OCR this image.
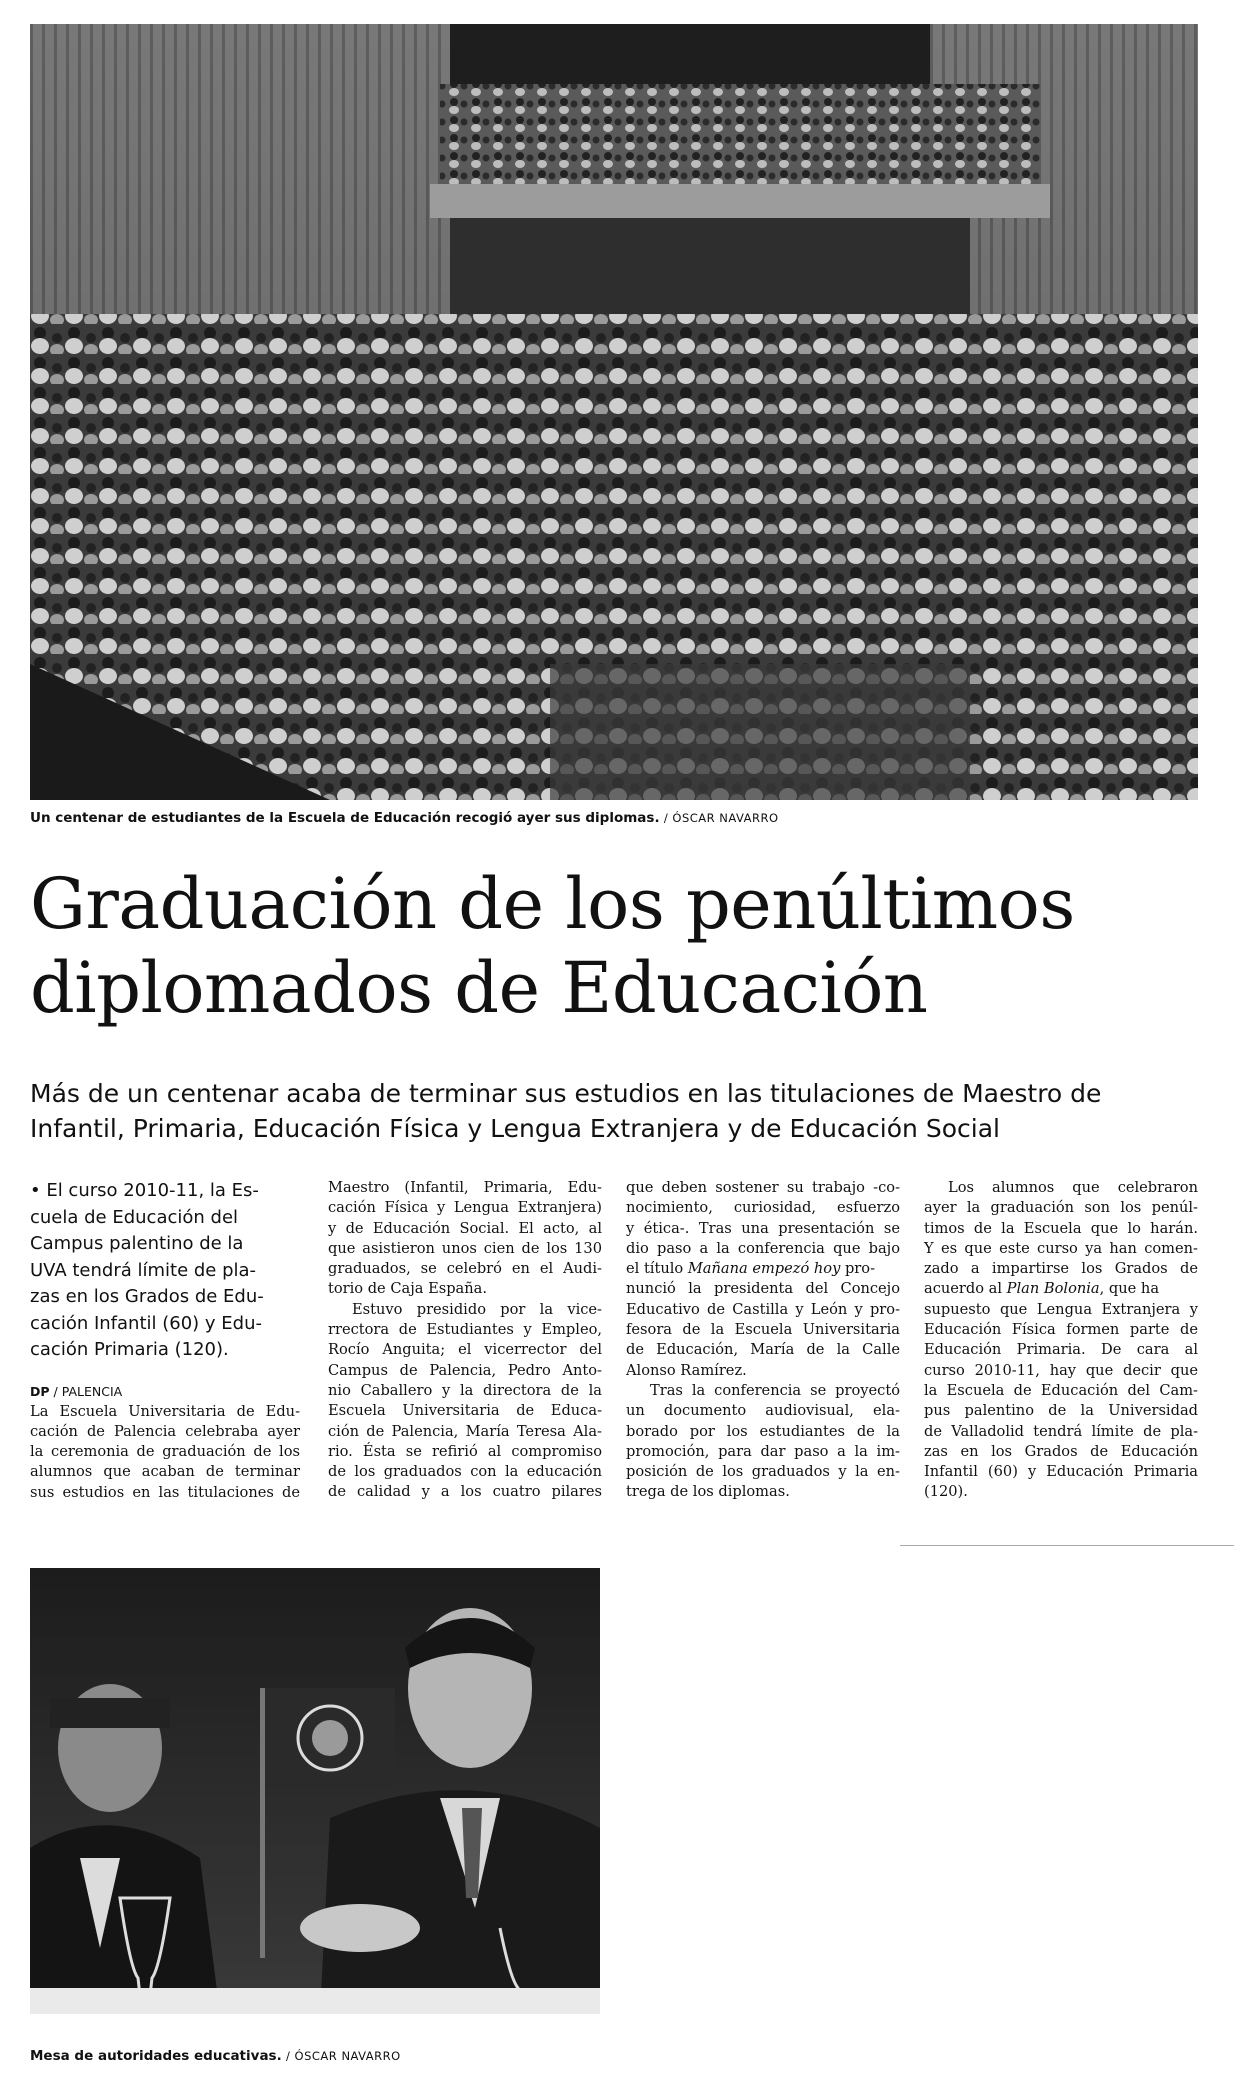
Un centenar de estudiantes de la Escuela de Educación recogió ayer sus diplomas. / ÓSCAR NAVARRO
Graduación de los penúltimos
diplomados de Educación
Más de un centenar acaba de terminar sus estudios en las titulaciones de Maestro de
Infantil, Primaria, Educación Física y Lengua Extranjera y de Educación Social
• El curso 2010-11, la Es-
cuela de Educación del
Campus palentino de la
UVA tendrá límite de pla-
zas en los Grados de Edu-
cación Infantil (60) y Edu-
cación Primaria (120).
DP / PALENCIA
La Escuela Universitaria de Edu-
cación de Palencia celebraba ayer
la ceremonia de graduación de los
alumnos que acaban de terminar
sus estudios en las titulaciones de
Maestro (Infantil, Primaria, Edu-
cación Física y Lengua Extranjera)
y de Educación Social. El acto, al
que asistieron unos cien de los 130
graduados, se celebró en el Audi-
torio de Caja España.
Estuvo presidido por la vice-
rrectora de Estudiantes y Empleo,
Rocío Anguita; el vicerrector del
Campus de Palencia, Pedro Anto-
nio Caballero y la directora de la
Escuela Universitaria de Educa-
ción de Palencia, María Teresa Ala-
rio. Ésta se refirió al compromiso
de los graduados con la educación
de calidad y a los cuatro pilares
que deben sostener su trabajo -co-
nocimiento, curiosidad, esfuerzo
y ética-. Tras una presentación se
dio paso a la conferencia que bajo
el título Mañana empezó hoy pro-
nunció la presidenta del Concejo
Educativo de Castilla y León y pro-
fesora de la Escuela Universitaria
de Educación, María de la Calle
Alonso Ramírez.
Tras la conferencia se proyectó
un documento audiovisual, ela-
borado por los estudiantes de la
promoción, para dar paso a la im-
posición de los graduados y la en-
trega de los diplomas.
Los alumnos que celebraron
ayer la graduación son los penúl-
timos de la Escuela que lo harán.
Y es que este curso ya han comen-
zado a impartirse los Grados de
acuerdo al Plan Bolonia, que ha
supuesto que Lengua Extranjera y
Educación Física formen parte de
Educación Primaria. De cara al
curso 2010-11, hay que decir que
la Escuela de Educación del Cam-
pus palentino de la Universidad
de Valladolid tendrá límite de pla-
zas en los Grados de Educación
Infantil (60) y Educación Primaria
(120).
Mesa de autoridades educativas. / ÓSCAR NAVARRO
